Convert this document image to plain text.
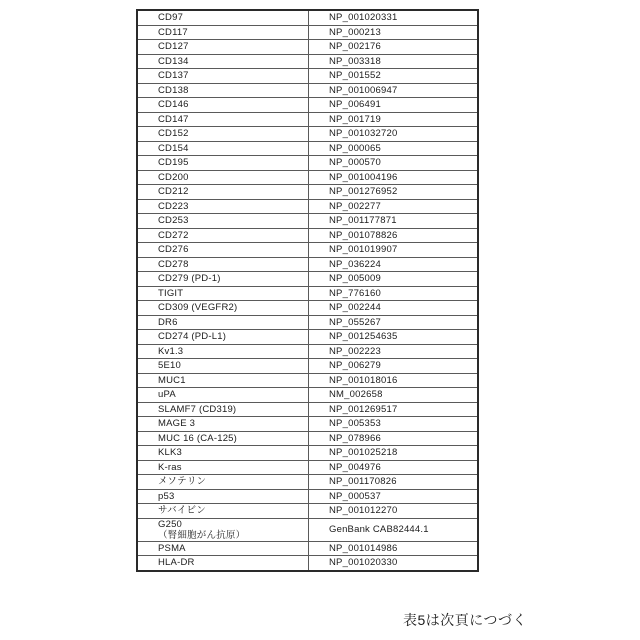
CD97	NP_001020331
CD117	NP_000213
CD127	NP_002176
CD134	NP_003318
CD137	NP_001552
CD138	NP_001006947
CD146	NP_006491
CD147	NP_001719
CD152	NP_001032720
CD154	NP_000065
CD195	NP_000570
CD200	NP_001004196
CD212	NP_001276952
CD223	NP_002277
CD253	NP_001177871
CD272	NP_001078826
CD276	NP_001019907
CD278	NP_036224
CD279 (PD-1)	NP_005009
TIGIT	NP_776160
CD309 (VEGFR2)	NP_002244
DR6	NP_055267
CD274 (PD-L1)	NP_001254635
Kv1.3	NP_002223
5E10	NP_006279
MUC1	NP_001018016
uPA	NM_002658
SLAMF7 (CD319)	NP_001269517
MAGE 3	NP_005353
MUC 16 (CA-125)	NP_078966
KLK3	NP_001025218
K-ras	NP_004976
メソテリン	NP_001170826
p53	NP_000537
サバイビン	NP_001012270
G250
（腎細胞がん抗原）	GenBank CAB82444.1
PSMA	NP_001014986
HLA-DR	NP_001020330
表5は次頁につづく
